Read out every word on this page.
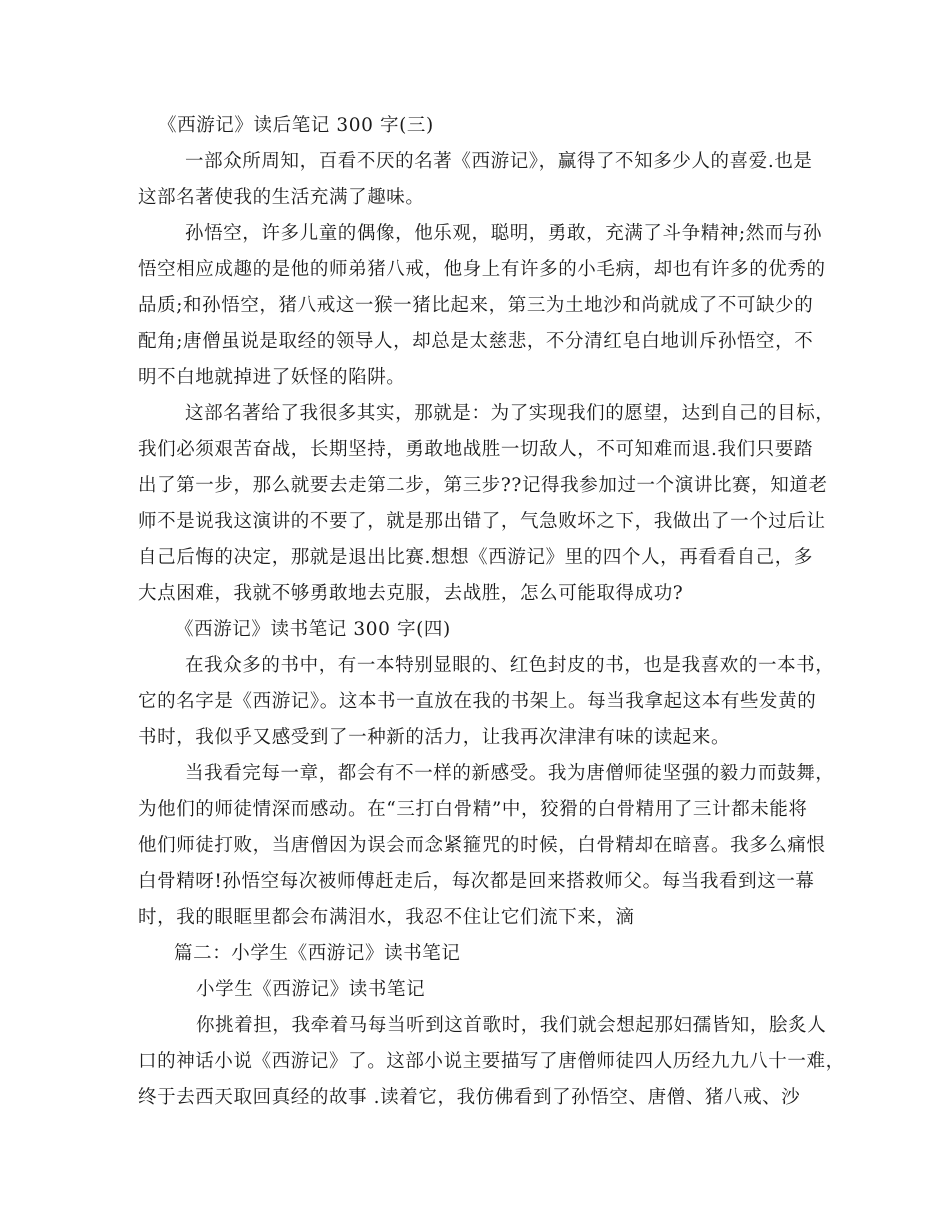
《西游记》读后笔记 300 字(三)
一部众所周知，百看不厌的名著《西游记》，赢得了不知多少人的喜爱.也是
这部名著使我的生活充满了趣味。
孙悟空，许多儿童的偶像，他乐观，聪明，勇敢，充满了斗争精神;然而与孙
悟空相应成趣的是他的师弟猪八戒，他身上有许多的小毛病，却也有许多的优秀的
品质;和孙悟空，猪八戒这一猴一猪比起来，第三为土地沙和尚就成了不可缺少的
配角;唐僧虽说是取经的领导人，却总是太慈悲，不分清红皂白地训斥孙悟空，不
明不白地就掉进了妖怪的陷阱。
这部名著给了我很多其实，那就是：为了实现我们的愿望，达到自己的目标，
我们必须艰苦奋战，长期坚持，勇敢地战胜一切敌人，不可知难而退.我们只要踏
出了第一步，那么就要去走第二步，第三步??记得我参加过一个演讲比赛，知道老
师不是说我这演讲的不要了，就是那出错了，气急败坏之下，我做出了一个过后让
自己后悔的决定，那就是退出比赛.想想《西游记》里的四个人，再看看自己，多
大点困难，我就不够勇敢地去克服，去战胜，怎么可能取得成功?
《西游记》读书笔记 300 字(四)
在我众多的书中，有一本特别显眼的、红色封皮的书，也是我喜欢的一本书，
它的名字是《西游记》。这本书一直放在我的书架上。每当我拿起这本有些发黄的
书时，我似乎又感受到了一种新的活力，让我再次津津有味的读起来。
当我看完每一章，都会有不一样的新感受。我为唐僧师徒坚强的毅力而鼓舞，
为他们的师徒情深而感动。在“三打白骨精”中，狡猾的白骨精用了三计都未能将
他们师徒打败，当唐僧因为误会而念紧箍咒的时候，白骨精却在暗喜。我多么痛恨
白骨精呀!孙悟空每次被师傅赶走后，每次都是回来搭救师父。每当我看到这一幕
时，我的眼眶里都会布满泪水，我忍不住让它们流下来，滴
篇二：小学生《西游记》读书笔记
小学生《西游记》读书笔记
你挑着担，我牵着马每当听到这首歌时，我们就会想起那妇孺皆知，脍炙人
口的神话小说《西游记》了。这部小说主要描写了唐僧师徒四人历经九九八十一难，
终于去西天取回真经的故事 .读着它，我仿佛看到了孙悟空、唐僧、猪八戒、沙
